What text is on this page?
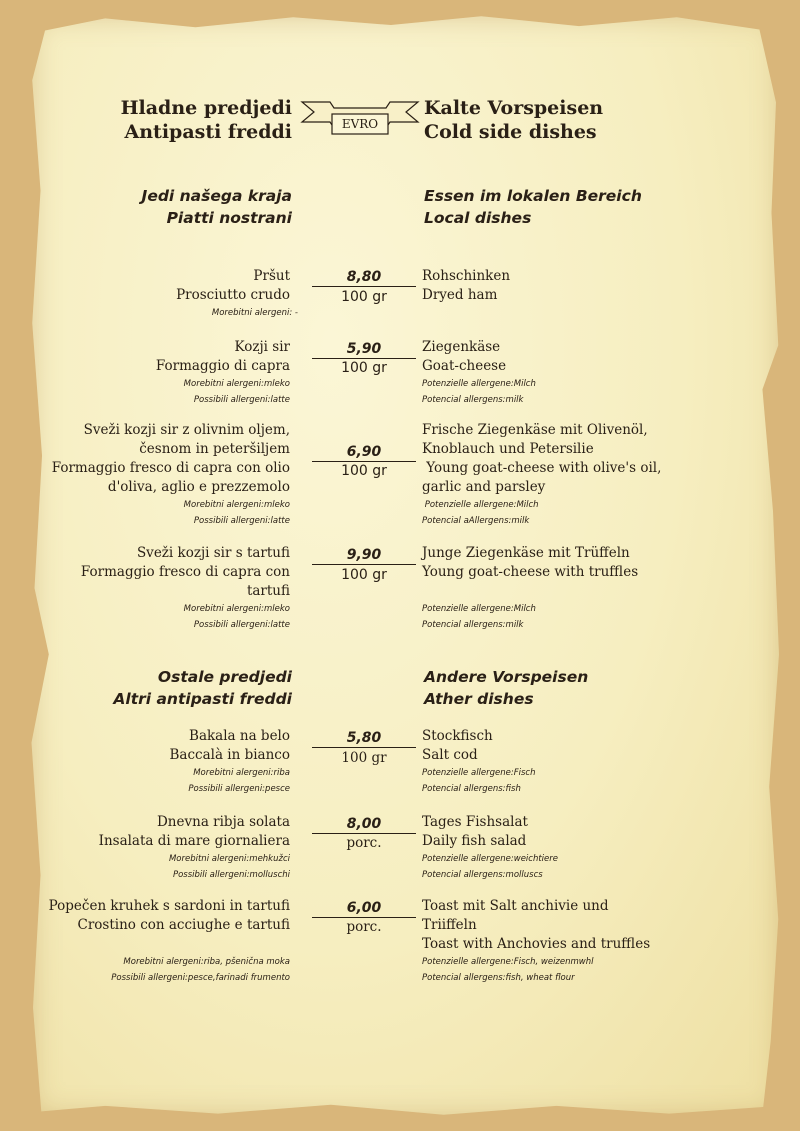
Hladne predjedi
Antipasti freddi	EVRO
Kalte Vorspeisen
Cold side dishes
Jedi našega kraja
Piatti nostrani
Essen im lokalen Bereich
Local dishes
Pršut
Prosciutto crudo
Morebitni alergeni: -
8,80
100 gr
Rohschinken
Dryed ham
Kozji sir
Formaggio di capra
Morebitni alergeni:mleko
Possibili allergeni:latte
5,90
100 gr
Ziegenkäse
Goat-cheese
Potenzielle allergene:Milch
Potencial allergens:milk
Sveži kozji sir z olivnim oljem,
česnom in peteršiljem
Formaggio fresco di capra con olio
d'oliva, aglio e prezzemolo
Morebitni alergeni:mleko
Possibili allergeni:latte
6,90
100 gr
Frische Ziegenkäse mit Olivenöl,
Knoblauch und Petersilie
Young goat-cheese with olive's oil,
garlic and parsley
Potenzielle allergene:Milch
Potencial aAllergens:milk
Sveži kozji sir s tartufi
Formaggio fresco di capra con
tartufi
Morebitni alergeni:mleko
Possibili allergeni:latte
9,90
100 gr
Junge Ziegenkäse mit Trüffeln
Young goat-cheese with truffles
Potenzielle allergene:Milch
Potencial allergens:milk
Ostale predjedi
Altri antipasti freddi
Andere Vorspeisen
Ather dishes
Bakala na belo
Baccalà in bianco
Morebitni alergeni:riba
Possibili allergeni:pesce
5,80
100 gr
Stockfisch
Salt cod
Potenzielle allergene:Fisch
Potencial allergens:fish
Dnevna ribja solata
Insalata di mare giornaliera
Morebitni alergeni:mehkužci
Possibili allergeni:molluschi
8,00
porc.
Tages Fishsalat
Daily fish salad
Potenzielle allergene:weichtiere
Potencial allergens:molluscs
Popečen kruhek s sardoni in tartufi
Crostino con acciughe e tartufi
Morebitni alergeni:riba, pšenična moka
Possibili allergeni:pesce,farinadi frumento
6,00
porc.
Toast mit Salt anchivie und
Triiffeln
Toast with Anchovies and truffles
Potenzielle allergene:Fisch, weizenmwhl
Potencial allergens:fish, wheat flour
